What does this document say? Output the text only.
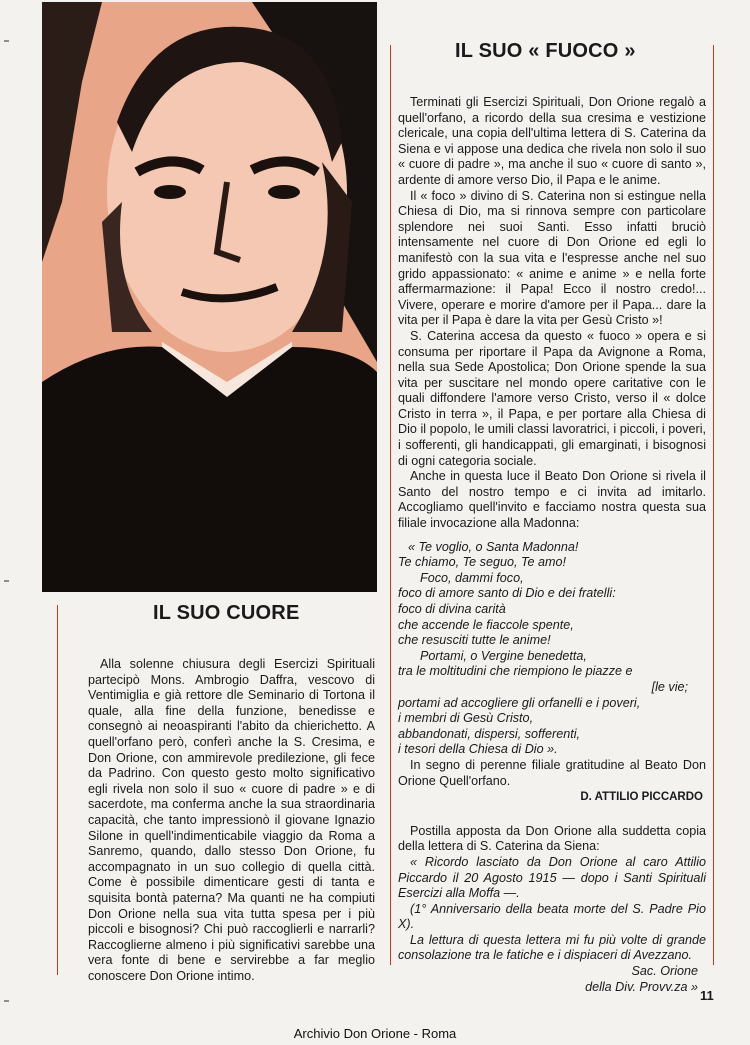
IL SUO « FUOCO »

Terminati gli Esercizi Spirituali, Don Orione regalò a quell'orfano, a ricordo della sua cresima e vestizione clericale, una copia dell'ultima lettera di S. Caterina da Siena e vi appose una dedica che rivela non solo il suo « cuore di padre », ma anche il suo « cuore di santo », ardente di amore verso Dio, il Papa e le anime.

Il « foco » divino di S. Caterina non si estingue nella Chiesa di Dio, ma si rinnova sempre con particolare splendore nei suoi Santi. Esso infatti bruciò intensamente nel cuore di Don Orione ed egli lo manifestò con la sua vita e l'espresse anche nel suo grido appassionato: « anime e anime » e nella forte affermarmazione: il Papa! Ecco il nostro credo!... Vivere, operare e morire d'amore per il Papa... dare la vita per il Papa è dare la vita per Gesù Cristo »!

S. Caterina accesa da questo « fuoco » opera e si consuma per riportare il Papa da Avignone a Roma, nella sua Sede Apostolica; Don Orione spende la sua vita per suscitare nel mondo opere caritative con le quali diffondere l'amore verso Cristo, verso il « dolce Cristo in terra », il Papa, e per portare alla Chiesa di Dio il popolo, le umili classi lavoratrici, i piccoli, i poveri, i sofferenti, gli handicappati, gli emarginati, i bisognosi di ogni categoria sociale.

Anche in questa luce il Beato Don Orione si rivela il Santo del nostro tempo e ci invita ad imitarlo. Accogliamo quell'invito e facciamo nostra questa sua filiale invocazione alla Madonna:

« Te voglio, o Santa Madonna!
Te chiamo, Te seguo, Te amo!
Foco, dammi foco,
foco di amore santo di Dio e dei fratelli:
foco di divina carità
che accende le fiaccole spente,
che resusciti tutte le anime!
Portami, o Vergine benedetta,
tra le moltitudini che riempiono le piazze e
[le vie;
portami ad accogliere gli orfanelli e i poveri,
i membri di Gesù Cristo,
abbandonati, dispersi, sofferenti,
i tesori della Chiesa di Dio ».

In segno di perenne filiale gratitudine al Beato Don Orione Quell'orfano.

D. ATTILIO PICCARDO

Postilla apposta da Don Orione alla suddetta copia della lettera di S. Caterina da Siena:

« Ricordo lasciato da Don Orione al caro Attilio Piccardo il 20 Agosto 1915 — dopo i Santi Spirituali Esercizi alla Moffa —.

(1° Anniversario della beata morte del S. Padre Pio X).

La lettura di questa lettera mi fu più volte di grande consolazione tra le fatiche e i dispiaceri di Avezzano.

Sac. Orione
della Div. Provv.za »
IL SUO CUORE

Alla solenne chiusura degli Esercizi Spirituali partecipò Mons. Ambrogio Daffra, vescovo di Ventimiglia e già rettore dle Seminario di Tortona il quale, alla fine della funzione, benedisse e consegnò ai neoaspiranti l'abito da chierichetto. A quell'orfano però, conferì anche la S. Cresima, e Don Orione, con ammirevole predilezione, gli fece da Padrino. Con questo gesto molto significativo egli rivela non solo il suo « cuore di padre » e di sacerdote, ma conferma anche la sua straordinaria capacità, che tanto impressionò il giovane Ignazio Silone in quell'indimenticabile viaggio da Roma a Sanremo, quando, dallo stesso Don Orione, fu accompagnato in un suo collegio di quella città. Come è possibile dimenticare gesti di tanta e squisita bontà paterna? Ma quanti ne ha compiuti Don Orione nella sua vita tutta spesa per i più piccoli e bisognosi? Chi può raccoglierli e narrarli? Raccoglierne almeno i più significativi sarebbe una vera fonte di bene e servirebbe a far meglio conoscere Don Orione intimo.

11
Archivio Don Orione - Roma
